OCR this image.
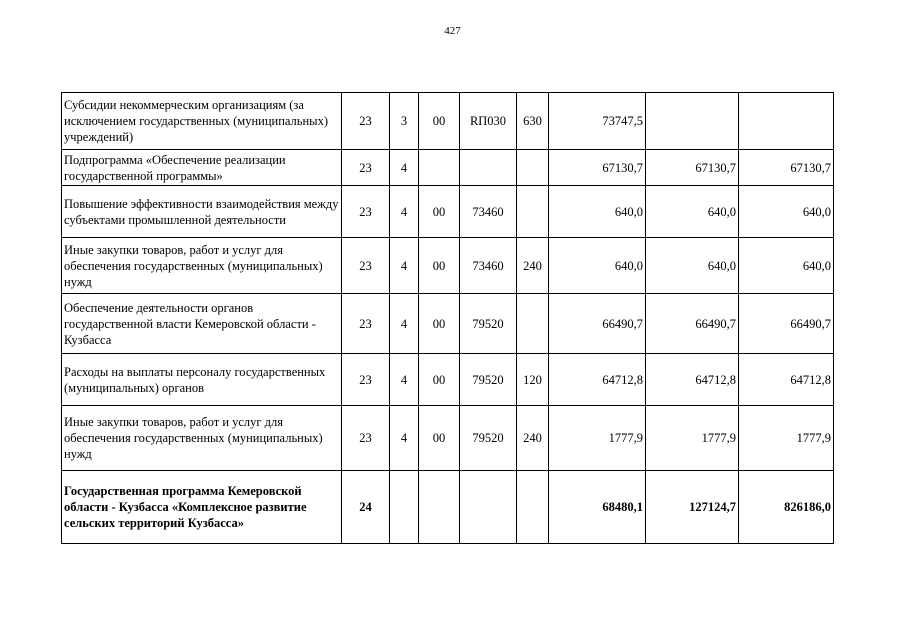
427
Субсидии некоммерческим организациям (за исключением государственных (муниципальных) учреждений)	23	3	00	RП030	630	73747,5		
Подпрограмма «Обеспечение реализации государственной программы»	23	4				67130,7	67130,7	67130,7
Повышение эффективности взаимодействия между субъектами промышленной деятельности	23	4	00	73460		640,0	640,0	640,0
Иные закупки товаров, работ и услуг для обеспечения государственных (муниципальных) нужд	23	4	00	73460	240	640,0	640,0	640,0
Обеспечение деятельности органов государственной власти Кемеровской области - Кузбасса	23	4	00	79520		66490,7	66490,7	66490,7
Расходы на выплаты персоналу государственных (муниципальных) органов	23	4	00	79520	120	64712,8	64712,8	64712,8
Иные закупки товаров, работ и услуг для обеспечения государственных (муниципальных) нужд	23	4	00	79520	240	1777,9	1777,9	1777,9
Государственная программа Кемеровской области - Кузбасса «Комплексное развитие сельских территорий Кузбасса»	24					68480,1	127124,7	826186,0
